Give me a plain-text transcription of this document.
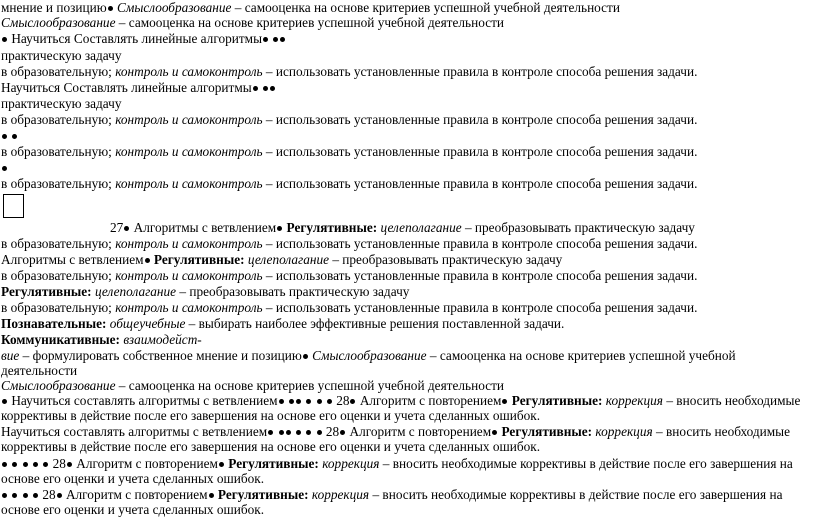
мнение и позицию Смыслообразование – самооценка на основе критериев успешной учебной деятельности
Смыслообразование – самооценка на основе критериев успешной учебной деятельности
Научиться Составлять линейные алгоритмы
практическую задачу
в образовательную; контроль и самоконтроль – использовать установленные правила в контроле способа решения задачи.
Научиться Составлять линейные алгоритмы
практическую задачу
в образовательную; контроль и самоконтроль – использовать установленные правила в контроле способа решения задачи.

в образовательную; контроль и самоконтроль – использовать установленные правила в контроле способа решения задачи.
в образовательную; контроль и самоконтроль – использовать установленные правила в контроле способа решения задачи.
27 Алгоритмы с ветвлением Регулятивные: целеполагание – преобразовывать практическую задачу
в образовательную; контроль и самоконтроль – использовать установленные правила в контроле способа решения задачи.
Алгоритмы с ветвлением Регулятивные: целеполагание – преобразовывать практическую задачу
в образовательную; контроль и самоконтроль – использовать установленные правила в контроле способа решения задачи.
Регулятивные: целеполагание – преобразовывать практическую задачу
в образовательную; контроль и самоконтроль – использовать установленные правила в контроле способа решения задачи.
Познавательные: общеучебные – выбирать наиболее эффективные решения поставленной задачи.
Коммуникативные: взаимодейст-
вие – формулировать собственное мнение и позицию Смыслообразование – самооценка на основе критериев успешной учебной деятельности
Смыслообразование – самооценка на основе критериев успешной учебной деятельности
Научиться составлять алгоритмы с ветвлением	28 Алгоритм с повторением Регулятивные: коррекция – вносить необходимые коррективы в действие после его завершения на основе его оценки и учета сделанных ошибок.
Научиться составлять алгоритмы с ветвлением	28 Алгоритм с повторением Регулятивные: коррекция – вносить необходимые коррективы в действие после его завершения на основе его оценки и учета сделанных ошибок.
28 Алгоритм с повторением Регулятивные: коррекция – вносить необходимые коррективы в действие после его завершения на основе его оценки и учета сделанных ошибок.
28 Алгоритм с повторением Регулятивные: коррекция – вносить необходимые коррективы в действие после его завершения на основе его оценки и учета сделанных ошибок.
